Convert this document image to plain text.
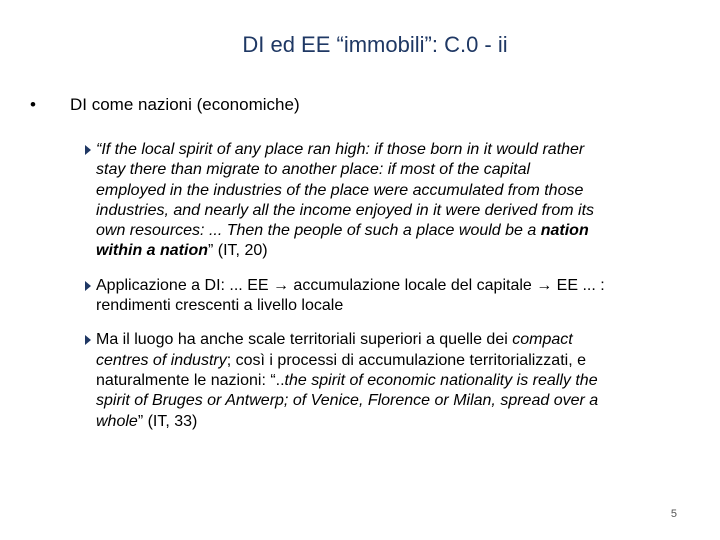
DI ed EE “immobili”: C.0 - ii
•	DI come nazioni (economiche)
“If the local spirit of any place ran high: if those born in it would rather
stay there than migrate to another place: if most of the capital
employed in the industries of the place were accumulated from those
industries, and nearly all the income enjoyed in it were derived from its
own resources: ... Then the people of such a place would be a nation
within a nation” (IT, 20)
Applicazione a DI: ... EE → accumulazione locale del capitale → EE ... :
rendimenti crescenti a livello locale
Ma il luogo ha anche scale territoriali superiori a quelle dei compact
centres of industry; così i processi di accumulazione territorializzati, e
naturalmente le nazioni: “..the spirit of economic nationality is really the
spirit of Bruges or Antwerp; of Venice, Florence or Milan, spread over a
whole” (IT, 33)
5
